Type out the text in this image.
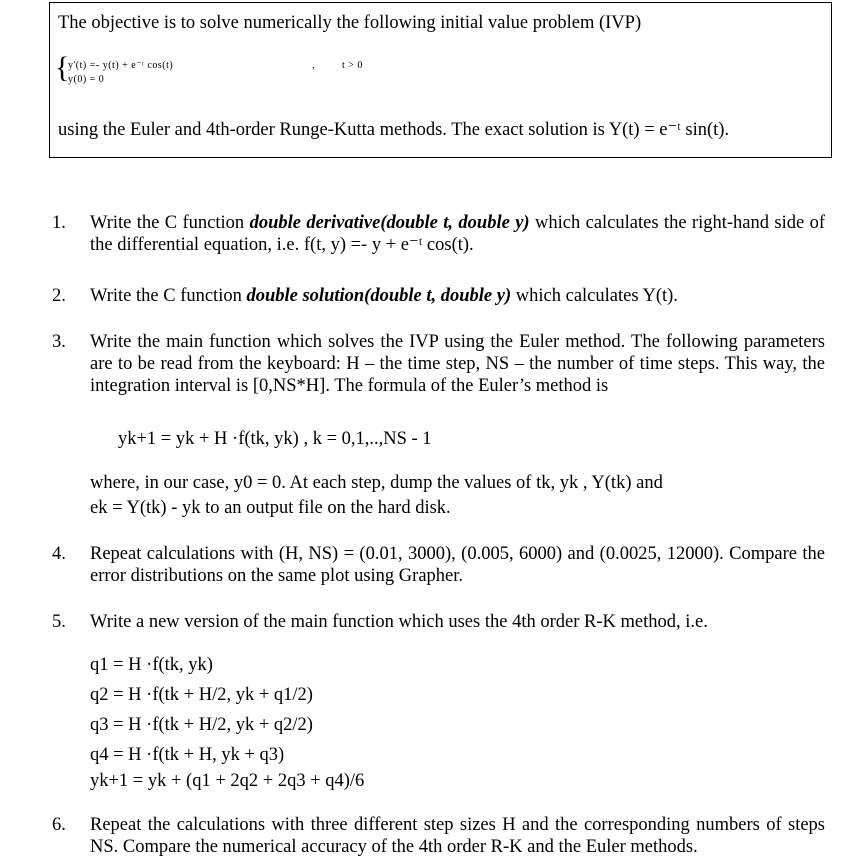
The objective is to solve numerically the following initial value problem (IVP)
{
y'(t) =- y(t) + e⁻ᵗ cos(t)	,	t > 0
y(0) = 0
using the Euler and 4th-order Runge-Kutta methods. The exact solution is Y(t) = e⁻ᵗ sin(t).
1. Write the C function double derivative(double t, double y) which calculates the right-hand side of the differential equation, i.e. f(t, y) =- y + e⁻ᵗ cos(t).
2. Write the C function double solution(double t, double y) which calculates Y(t).
3. Write the main function which solves the IVP using the Euler method. The following parameters are to be read from the keyboard: H – the time step, NS – the number of time steps. This way, the integration interval is [0,NS*H]. The formula of the Euler’s method is
yk+1 = yk + H ·f(tk, yk) , k = 0,1,..,NS - 1
where, in our case, y0 = 0. At each step, dump the values of tk, yk , Y(tk) and
ek = Y(tk) - yk to an output file on the hard disk.
4. Repeat calculations with (H, NS) = (0.01, 3000), (0.005, 6000) and (0.0025, 12000). Compare the error distributions on the same plot using Grapher.
5. Write a new version of the main function which uses the 4th order R-K method, i.e.
q1 = H ·f(tk, yk)
q2 = H ·f(tk + H/2, yk + q1/2)
q3 = H ·f(tk + H/2, yk + q2/2)
q4 = H ·f(tk + H, yk + q3)
yk+1 = yk + (q1 + 2q2 + 2q3 + q4)/6
6. Repeat the calculations with three different step sizes H and the corresponding numbers of steps NS. Compare the numerical accuracy of the 4th order R-K and the Euler methods.
